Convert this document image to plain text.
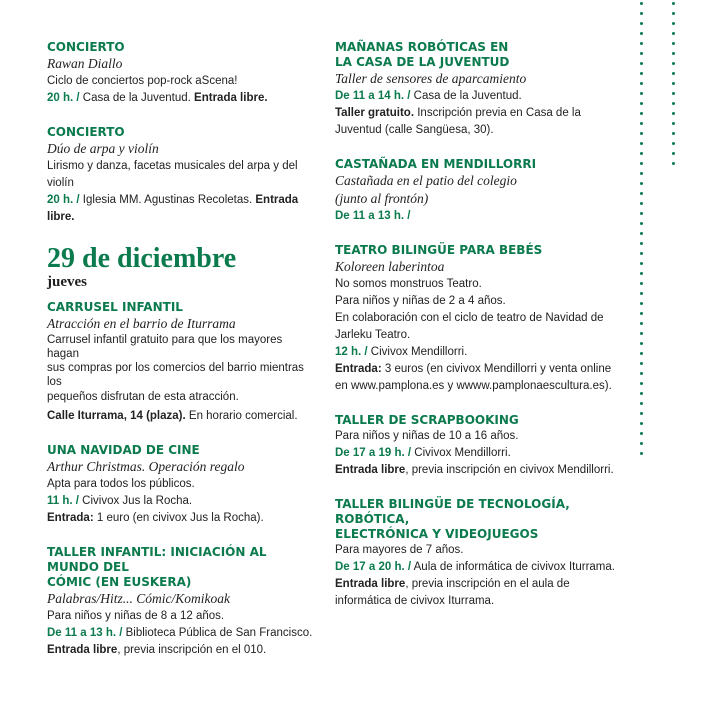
CONCIERTO
Rawan Diallo
Ciclo de conciertos pop-rock aScena!
20 h. / Casa de la Juventud. Entrada libre.
CONCIERTO
Dúo de arpa y violín
Lirismo y danza, facetas musicales del arpa y del violín
20 h. / Iglesia MM. Agustinas Recoletas. Entrada libre.
29 de diciembre
jueves
CARRUSEL INFANTIL
Atracción en el barrio de Iturrama
Carrusel infantil gratuito para que los mayores hagan
sus compras por los comercios del barrio mientras los
pequeños disfrutan de esta atracción.
Calle Iturrama, 14 (plaza). En horario comercial.
UNA NAVIDAD DE CINE
Arthur Christmas. Operación regalo
Apta para todos los públicos.
11 h. / Civivox Jus la Rocha.
Entrada: 1 euro (en civivox Jus la Rocha).
TALLER INFANTIL: INICIACIÓN AL MUNDO DEL
CÓMIC (EN EUSKERA)
Palabras/Hitz... Cómic/Komikoak
Para niños y niñas de 8 a 12 años.
De 11 a 13 h. / Biblioteca Pública de San Francisco.
Entrada libre, previa inscripción en el 010.
MAÑANAS ROBÓTICAS EN
LA CASA DE LA JUVENTUD
Taller de sensores de aparcamiento
De 11 a 14 h. / Casa de la Juventud.
Taller gratuito. Inscripción previa en Casa de la
Juventud (calle Sangüesa, 30).
CASTAÑADA EN MENDILLORRI
Castañada en el patio del colegio
(junto al frontón)
De 11 a 13 h. /
TEATRO BILINGÜE PARA BEBÉS
Koloreen laberintoa
No somos monstruos Teatro.
Para niños y niñas de 2 a 4 años.
En colaboración con el ciclo de teatro de Navidad de
Jarleku Teatro.
12 h. / Civivox Mendillorri.
Entrada: 3 euros (en civivox Mendillorri y venta online
en www.pamplona.es y wwww.pamplonaescultura.es).
TALLER DE SCRAPBOOKING
Para niños y niñas de 10 a 16 años.
De 17 a 19 h. / Civivox Mendillorri.
Entrada libre, previa inscripción en civivox Mendillorri.
TALLER BILINGÜE DE TECNOLOGÍA, ROBÓTICA,
ELECTRÓNICA Y VIDEOJUEGOS
Para mayores de 7 años.
De 17 a 20 h. / Aula de informática de civivox Iturrama.
Entrada libre, previa inscripción en el aula de
informática de civivox Iturrama.
